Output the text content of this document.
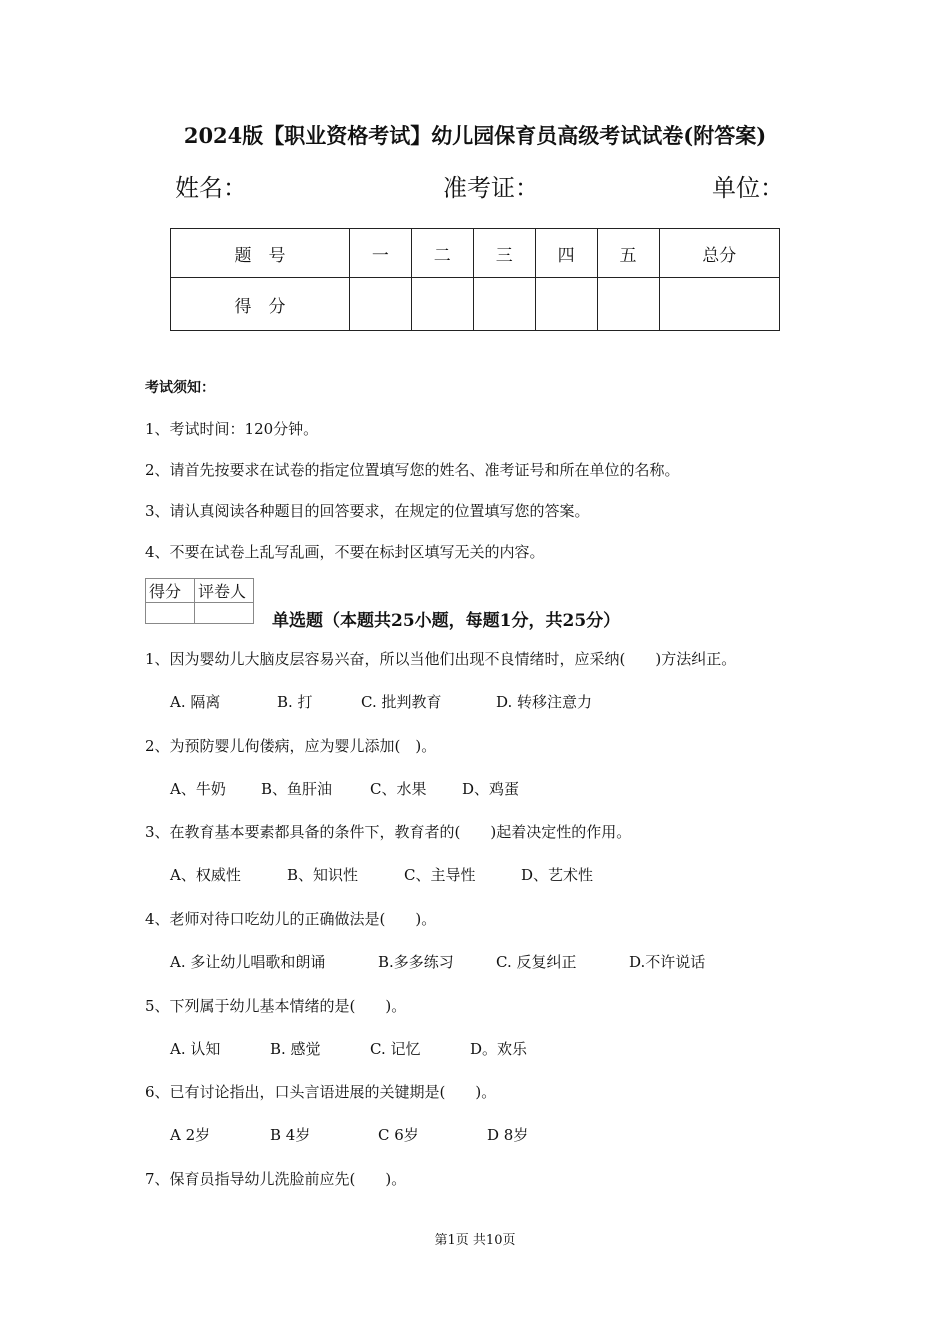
2024版【职业资格考试】幼儿园保育员高级考试试卷(附答案)
姓名：	准考证：	单位：
题　号	一	二	三	四	五	总分
得　分						
考试须知：
1、考试时间：120分钟。
2、请首先按要求在试卷的指定位置填写您的姓名、准考证号和所在单位的名称。
3、请认真阅读各种题目的回答要求，在规定的位置填写您的答案。
4、不要在试卷上乱写乱画，不要在标封区填写无关的内容。
得分	评卷人

单选题（本题共25小题，每题1分，共25分）
1、因为婴幼儿大脑皮层容易兴奋，所以当他们出现不良情绪时，应采纳(　　)方法纠正。
A. 隔离	B. 打	C. 批判教育	D. 转移注意力
2、为预防婴儿佝偻病，应为婴儿添加(　)。
A、牛奶 B、鱼肝油	C、水果 D、鸡蛋
3、在教育基本要素都具备的条件下，教育者的(　　)起着决定性的作用。
A、权威性	B、知识性	C、主导性	D、艺术性
4、老师对待口吃幼儿的正确做法是(　　)。
A. 多让幼儿唱歌和朗诵	B.多多练习	C. 反复纠正	D.不许说话
5、下列属于幼儿基本情绪的是(　　)。
A. 认知	B. 感觉	C. 记忆	D。欢乐
6、已有讨论指出，口头言语进展的关键期是(　　)。
A 2岁	B 4岁	C 6岁	D 8岁
7、保育员指导幼儿洗脸前应先(　　)。
第1页 共10页
